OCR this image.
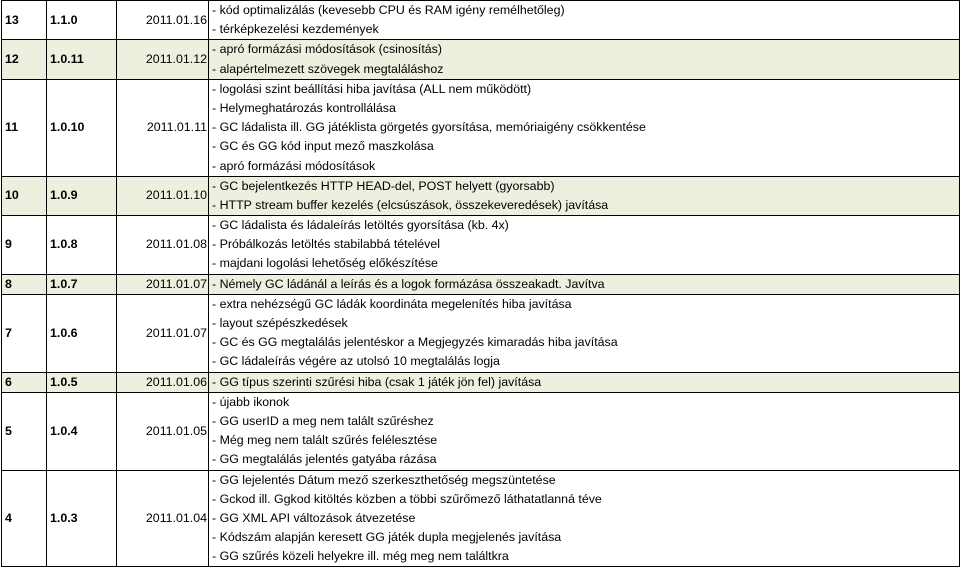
13	1.1.0	2011.01.16	- kód optimalizálás (kevesebb CPU és RAM igény remélhetőleg)
- térképkezelési kezdemények

12	1.0.11	2011.01.12	- apró formázási módosítások (csinosítás)
- alapértelmezett szövegek megtaláláshoz

11	1.0.10	2011.01.11	- logolási szint beállítási hiba javítása (ALL nem működött)
- Helymeghatározás kontrollálása
- GC ládalista ill. GG játéklista görgetés gyorsítása, memóriaigény csökkentése
- GC és GG kód input mező maszkolása
- apró formázási módosítások

10	1.0.9	2011.01.10	- GC bejelentkezés HTTP HEAD-del, POST helyett (gyorsabb)
- HTTP stream buffer kezelés (elcsúszások, összekeveredések) javítása

9	1.0.8	2011.01.08	- GC ládalista és ládaleírás letöltés gyorsítása (kb. 4x)
- Próbálkozás letöltés stabilabbá tételével
- majdani logolási lehetőség előkészítése

8	1.0.7	2011.01.07	- Némely GC ládánál a leírás és a logok formázása összeakadt. Javítva

7	1.0.6	2011.01.07	- extra nehézségű GC ládák koordináta megelenítés hiba javítása
- layout szépészkedések
- GC és GG megtalálás jelentéskor a Megjegyzés kimaradás hiba javítása
- GC ládaleírás végére az utolsó 10 megtalálás logja

6	1.0.5	2011.01.06	- GG típus szerinti szűrési hiba (csak 1 játék jön fel) javítása

5	1.0.4	2011.01.05	- újabb ikonok
- GG userID a meg nem talált szűréshez
- Még meg nem talált szűrés felélesztése
- GG megtalálás jelentés gatyába rázása

4	1.0.3	2011.01.04	- GG lejelentés Dátum mező szerkeszthetőség megszüntetése
- Gckod ill. Ggkod kitöltés közben a többi szűrőmező láthatatlanná téve
- GG XML API változások átvezetése
- Kódszám alapján keresett GG játék dupla megjelenés javítása
- GG szűrés közeli helyekre ill. még meg nem találtkra
